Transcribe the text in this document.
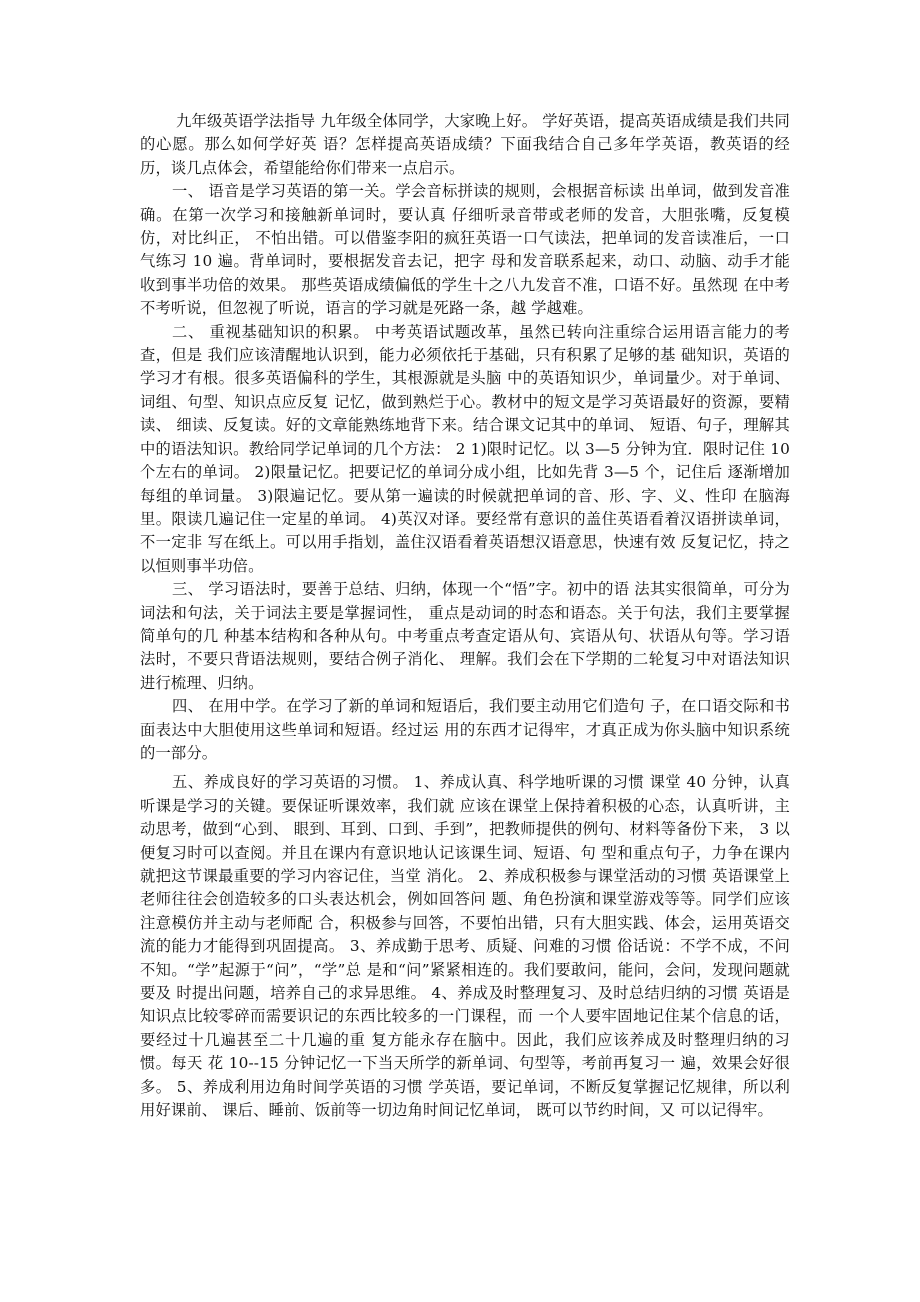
九年级英语学法指导 九年级全体同学，大家晚上好。 学好英语，提高英语成绩是我们共同的心愿。那么如何学好英 语？怎样提高英语成绩？下面我结合自己多年学英语，教英语的经历，谈几点体会，希望能给你们带来一点启示。

一、 语音是学习英语的第一关。学会音标拼读的规则，会根据音标读 出单词，做到发音准确。在第一次学习和接触新单词时，要认真 仔细听录音带或老师的发音，大胆张嘴，反复模仿，对比纠正， 不怕出错。可以借鉴李阳的疯狂英语一口气读法，把单词的发音读准后，一口气练习 10 遍。背单词时，要根据发音去记，把字 母和发音联系起来，动口、动脑、动手才能收到事半功倍的效果。 那些英语成绩偏低的学生十之八九发音不准，口语不好。虽然现 在中考不考听说，但忽视了听说，语言的学习就是死路一条，越 学越难。

二、 重视基础知识的积累。 中考英语试题改革，虽然已转向注重综合运用语言能力的考查，但是 我们应该清醒地认识到，能力必须依托于基础，只有积累了足够的基 础知识，英语的学习才有根。很多英语偏科的学生，其根源就是头脑 中的英语知识少，单词量少。对于单词、词组、句型、知识点应反复 记忆，做到熟烂于心。教材中的短文是学习英语最好的资源，要精读、 细读、反复读。好的文章能熟练地背下来。结合课文记其中的单词、 短语、句子，理解其中的语法知识。教给同学记单词的几个方法： 2 1)限时记忆。以 3—5 分钟为宜．限时记住 10 个左右的单词。 2)限量记忆。把要记忆的单词分成小组，比如先背 3—5 个，记住后 逐渐增加每组的单词量。 3)限遍记忆。要从第一遍读的时候就把单词的音、形、字、义、性印 在脑海里。限读几遍记住一定星的单词。 4)英汉对译。要经常有意识的盖住英语看着汉语拼读单词，不一定非 写在纸上。可以用手指划，盖住汉语看着英语想汉语意思，快速有效 反复记忆，持之以恒则事半功倍。

三、 学习语法时，要善于总结、归纳，体现一个“悟”字。初中的语 法其实很简单，可分为词法和句法，关于词法主要是掌握词性， 重点是动词的时态和语态。关于句法，我们主要掌握简单句的几 种基本结构和各种从句。中考重点考查定语从句、宾语从句、状语从句等。学习语法时，不要只背语法规则，要结合例子消化、 理解。我们会在下学期的二轮复习中对语法知识进行梳理、归纳。

四、 在用中学。在学习了新的单词和短语后，我们要主动用它们造句 子，在口语交际和书面表达中大胆使用这些单词和短语。经过运 用的东西才记得牢，才真正成为你头脑中知识系统的一部分。

五、养成良好的学习英语的习惯。 1、养成认真、科学地听课的习惯 课堂 40 分钟，认真听课是学习的关键。要保证听课效率，我们就 应该在课堂上保持着积极的心态，认真听讲，主动思考，做到“心到、 眼到、耳到、口到、手到”，把教师提供的例句、材料等备份下来， 3 以便复习时可以查阅。并且在课内有意识地认记该课生词、短语、句 型和重点句子，力争在课内就把这节课最重要的学习内容记住，当堂 消化。 2、养成积极参与课堂活动的习惯 英语课堂上老师往往会创造较多的口头表达机会，例如回答问 题、角色扮演和课堂游戏等等。同学们应该注意模仿并主动与老师配 合，积极参与回答，不要怕出错，只有大胆实践、体会，运用英语交 流的能力才能得到巩固提高。 3、养成勤于思考、质疑、问难的习惯 俗话说：不学不成，不问不知。“学”起源于“问”，“学”总 是和“问”紧紧相连的。我们要敢问，能问，会问，发现问题就要及 时提出问题，培养自己的求异思维。 4、养成及时整理复习、及时总结归纳的习惯 英语是知识点比较零碎而需要识记的东西比较多的一门课程，而 一个人要牢固地记住某个信息的话，要经过十几遍甚至二十几遍的重 复方能永存在脑中。因此，我们应该养成及时整理归纳的习惯。每天 花 10--15 分钟记忆一下当天所学的新单词、句型等，考前再复习一 遍，效果会好很多。 5、养成利用边角时间学英语的习惯 学英语，要记单词，不断反复掌握记忆规律，所以利用好课前、 课后、睡前、饭前等一切边角时间记忆单词， 既可以节约时间，又 可以记得牢。
